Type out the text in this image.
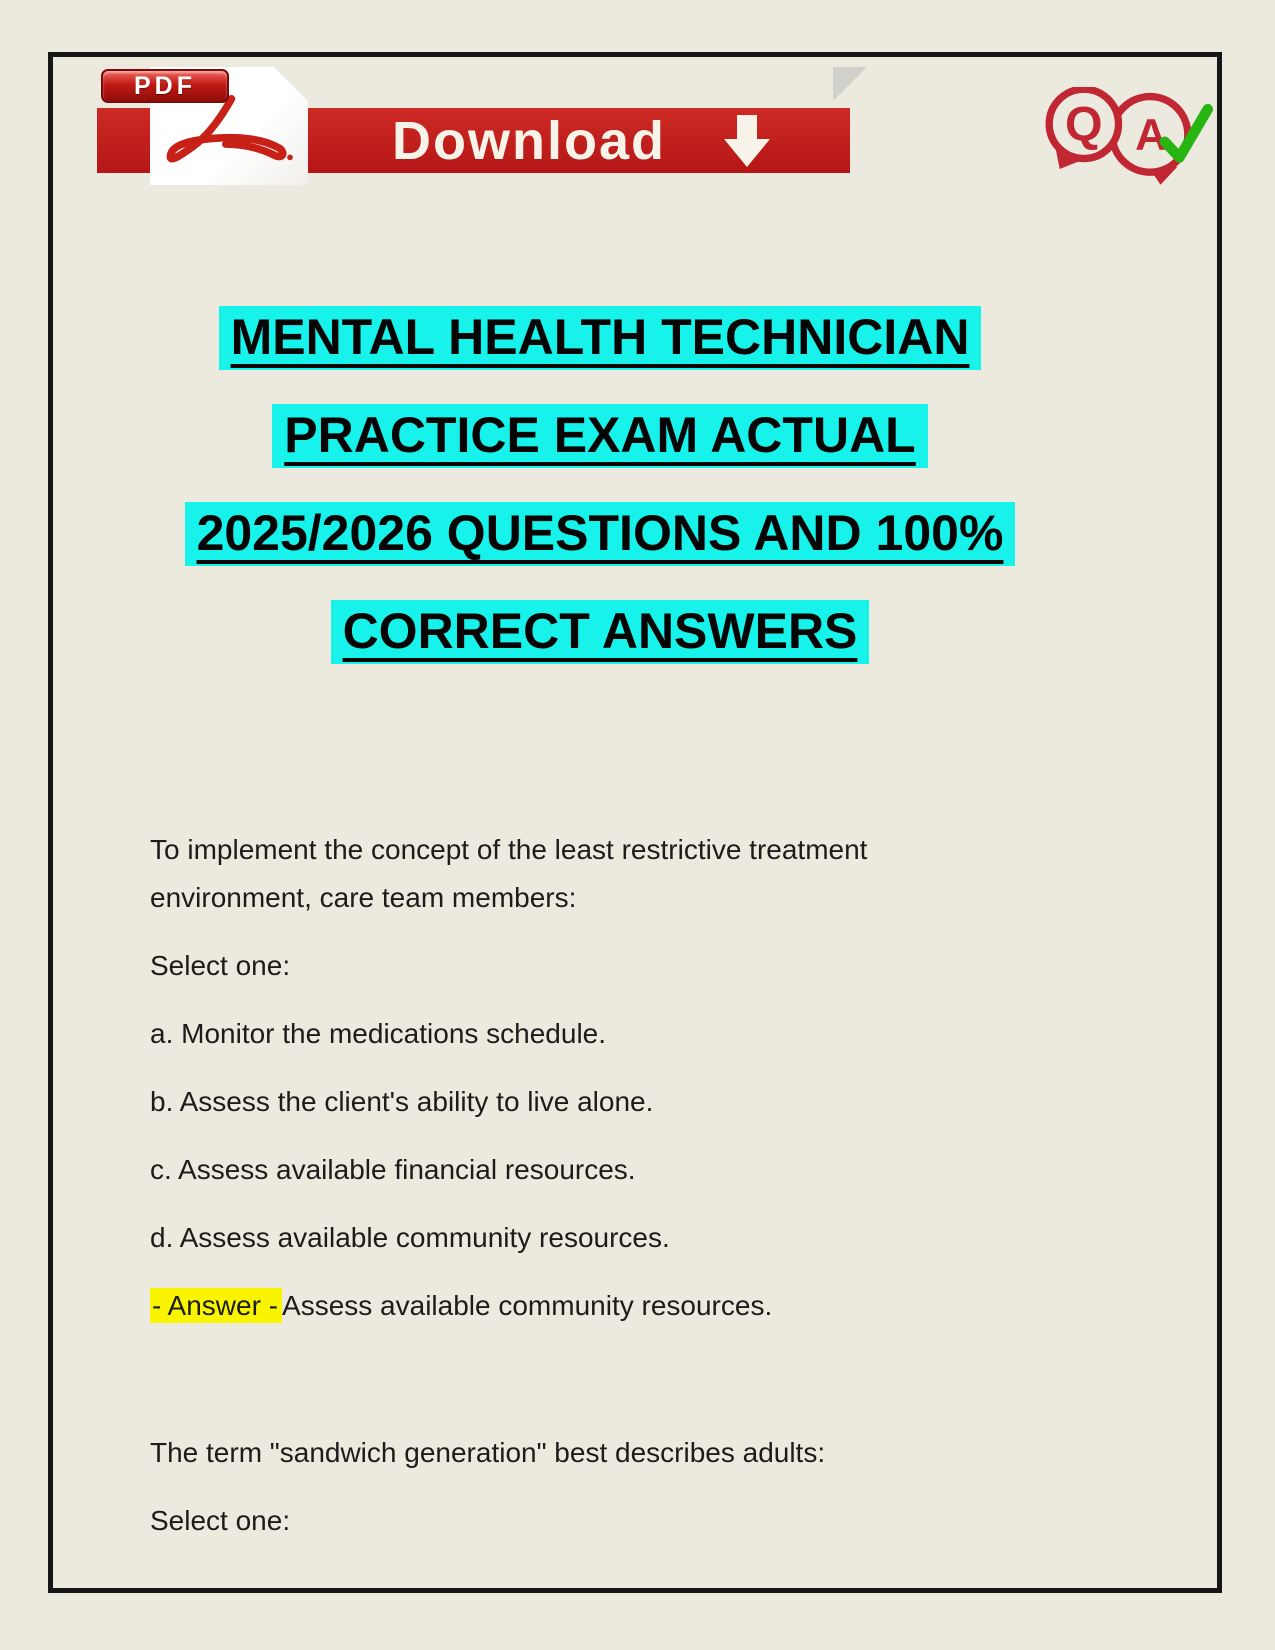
Download
PDF
Q A
MENTAL HEALTH TECHNICIAN
PRACTICE EXAM ACTUAL
2025/2026 QUESTIONS AND 100%
CORRECT ANSWERS

To implement the concept of the least restrictive treatment environment, care team members:

Select one:

a. Monitor the medications schedule.

b. Assess the client's ability to live alone.

c. Assess available financial resources.

d. Assess available community resources.

- Answer - Assess available community resources.

The term "sandwich generation" best describes adults:

Select one:
